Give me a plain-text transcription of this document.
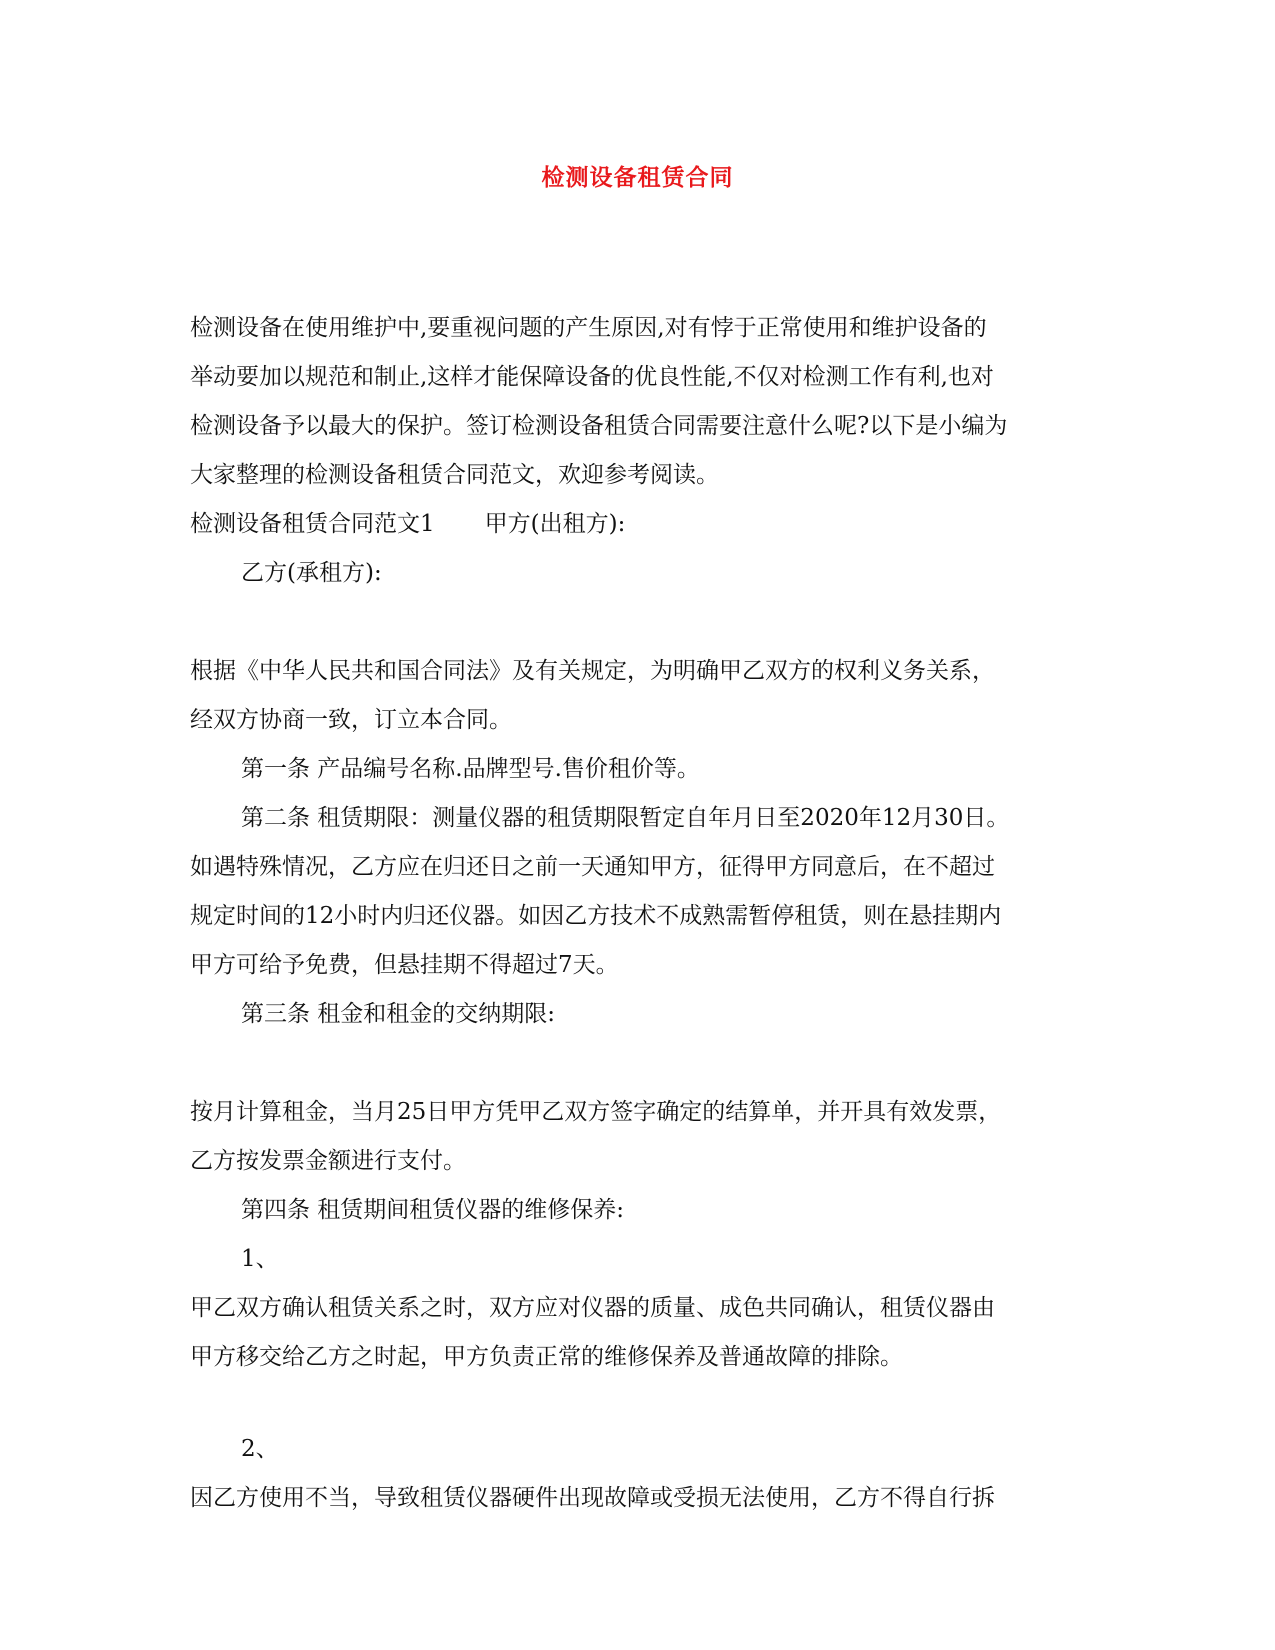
检测设备租赁合同

检测设备在使用维护中,要重视问题的产生原因,对有悖于正常使用和维护设备的

举动要加以规范和制止,这样才能保障设备的优良性能,不仅对检测工作有利,也对

检测设备予以最大的保护。签订检测设备租赁合同需要注意什么呢?以下是小编为

大家整理的检测设备租赁合同范文，欢迎参考阅读。

检测设备租赁合同范文1 甲方(出租方):

乙方(承租方):

根据《中华人民共和国合同法》及有关规定，为明确甲乙双方的权利义务关系，

经双方协商一致，订立本合同。

第一条 产品编号名称.品牌型号.售价租价等。

第二条 租赁期限：测量仪器的租赁期限暂定自年月日至2020年12月30日。

如遇特殊情况，乙方应在归还日之前一天通知甲方，征得甲方同意后，在不超过

规定时间的12小时内归还仪器。如因乙方技术不成熟需暂停租赁，则在悬挂期内

甲方可给予免费，但悬挂期不得超过7天。

第三条 租金和租金的交纳期限:

按月计算租金，当月25日甲方凭甲乙双方签字确定的结算单，并开具有效发票，

乙方按发票金额进行支付。

第四条 租赁期间租赁仪器的维修保养:

1、

甲乙双方确认租赁关系之时，双方应对仪器的质量、成色共同确认，租赁仪器由

甲方移交给乙方之时起，甲方负责正常的维修保养及普通故障的排除。

2、

因乙方使用不当，导致租赁仪器硬件出现故障或受损无法使用，乙方不得自行拆
